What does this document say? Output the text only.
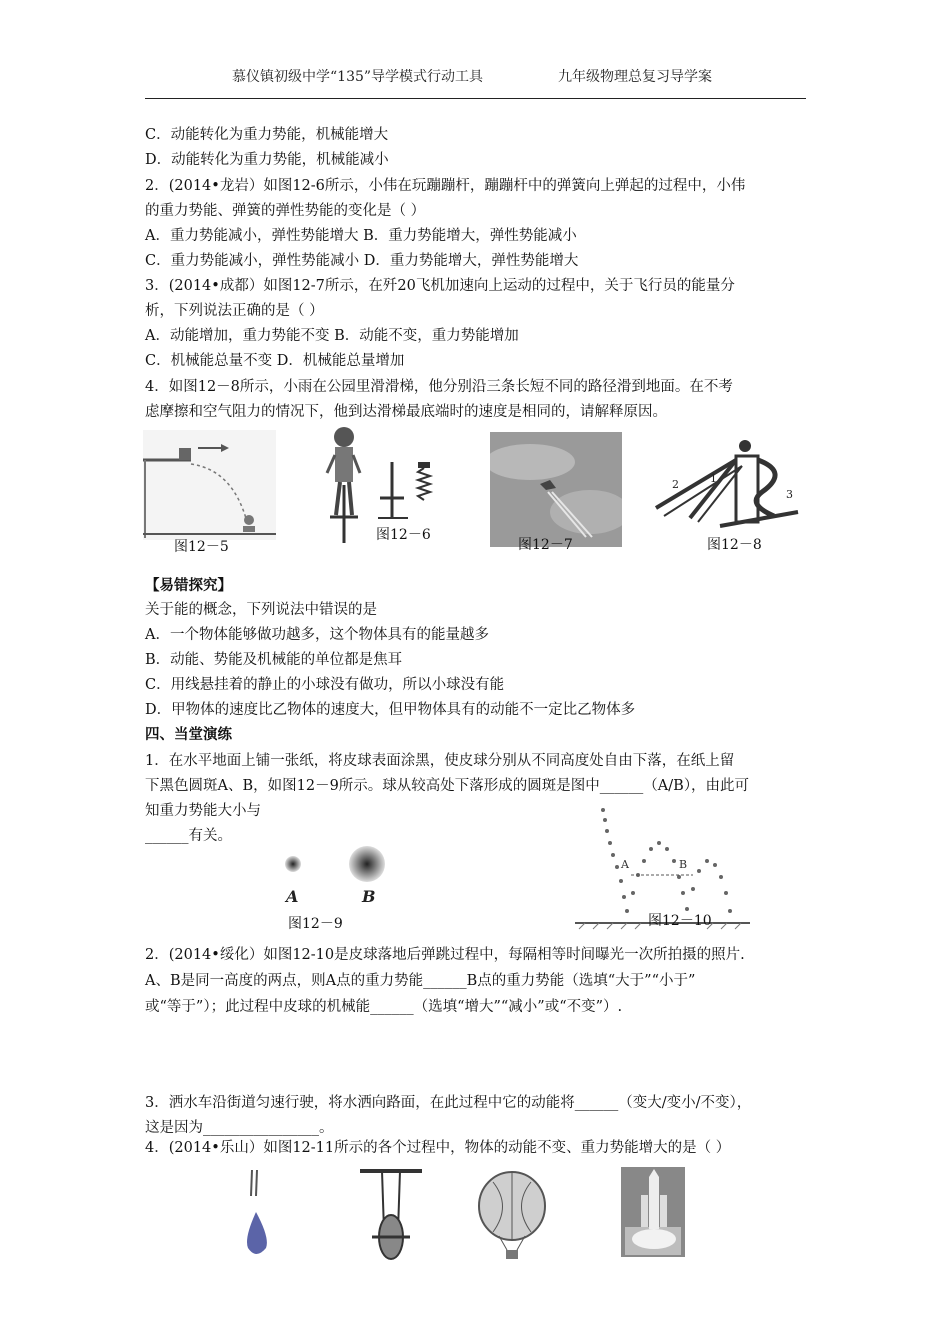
慕仪镇初级中学“135”导学模式行动工具	九年级物理总复习导学案
C．动能转化为重力势能，机械能增大
D．动能转化为重力势能，机械能减小
2．(2014•龙岩）如图12-6所示，小伟在玩蹦蹦杆，蹦蹦杆中的弹簧向上弹起的过程中，小伟
的重力势能、弹簧的弹性势能的变化是（ ）
A．重力势能减小，弹性势能增大 B．重力势能增大，弹性势能减小
C．重力势能减小，弹性势能减小 D．重力势能增大，弹性势能增大
3．(2014•成都）如图12-7所示，在歼20飞机加速向上运动的过程中，关于飞行员的能量分
析，下列说法正确的是（ ）
A．动能增加，重力势能不变 B．动能不变，重力势能增加
C．机械能总量不变 D．机械能总量增加
4．如图12－8所示，小雨在公园里滑滑梯，他分别沿三条长短不同的路径滑到地面。在不考
虑摩擦和空气阻力的情况下，他到达滑梯最底端时的速度是相同的，请解释原因。
图12－5
图12－6
图12－7
2	1
3
图12－8
【易错探究】
关于能的概念，下列说法中错误的是
A．一个物体能够做功越多，这个物体具有的能量越多
B．动能、势能及机械能的单位都是焦耳
C．用线悬挂着的静止的小球没有做功，所以小球没有能
D．甲物体的速度比乙物体的速度大，但甲物体具有的动能不一定比乙物体多
四、当堂演练
1．在水平地面上铺一张纸，将皮球表面涂黑，使皮球分别从不同高度处自由下落，在纸上留
下黑色圆斑A、B，如图12－9所示。球从较高处下落形成的圆斑是图中______（A/B），由此可
知重力势能大小与
______有关。
A	B
图12－9
A	B
图12－10
2．(2014•绥化）如图12-10是皮球落地后弹跳过程中，每隔相等时间曝光一次所拍摄的照片.
A、B是同一高度的两点，则A点的重力势能______B点的重力势能（选填“大于”“小于”
或“等于”）；此过程中皮球的机械能______（选填“增大”“减小”或“不变”）.
3．洒水车沿街道匀速行驶，将水洒向路面，在此过程中它的动能将______（变大/变小/不变），
这是因为________________。
4．(2014•乐山）如图12-11所示的各个过程中，物体的动能不变、重力势能增大的是（ ）
